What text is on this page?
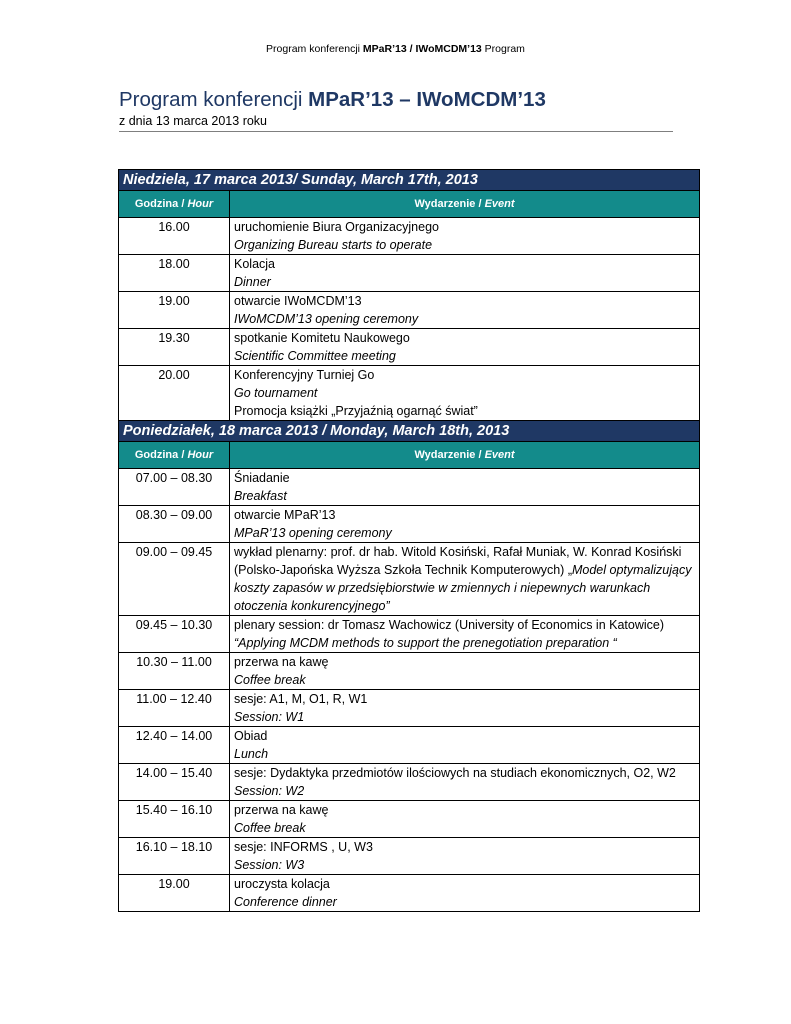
Program konferencji MPaR’13 / IWoMCDM’13 Program
Program konferencji MPaR’13 – IWoMCDM’13
z dnia 13 marca 2013 roku
Niedziela, 17 marca 2013/ Sunday, March 17th, 2013	
Godzina / Hour	Wydarzenie / Event
16.00	uruchomienie Biura Organizacyjnego
Organizing Bureau starts to operate

18.00	Kolacja
Dinner

19.00	otwarcie IWoMCDM’13
IWoMCDM’13 opening ceremony

19.30	spotkanie Komitetu Naukowego
Scientific Committee meeting

20.00	Konferencyjny Turniej Go
Go tournament
Promocja książki „Przyjaźnią ogarnąć świat”

Poniedziałek, 18 marca 2013 / Monday, March 18th, 2013	
Godzina / Hour	Wydarzenie / Event
07.00 – 08.30	Śniadanie
Breakfast

08.30 – 09.00	otwarcie MPaR’13
MPaR’13 opening ceremony

09.00 – 09.45	wykład plenarny: prof. dr hab. Witold Kosiński, Rafał Muniak, W. Konrad Kosiński (Polsko-Japońska Wyższa Szkoła Technik Komputerowych) „Model optymalizujący koszty zapasów w przedsiębiorstwie w zmiennych i niepewnych warunkach otoczenia konkurencyjnego”
09.45 – 10.30	plenary session: dr Tomasz Wachowicz (University of Economics in Katowice)
“Applying MCDM methods to support the prenegotiation preparation “

10.30 – 11.00	przerwa na kawę
Coffee break

11.00 – 12.40	sesje: A1, M, O1, R, W1
Session: W1

12.40 – 14.00	Obiad
Lunch

14.00 – 15.40	sesje: Dydaktyka przedmiotów ilościowych na studiach ekonomicznych, O2, W2
Session: W2

15.40 – 16.10	przerwa na kawę
Coffee break

16.10 – 18.10	sesje: INFORMS , U, W3
Session: W3

19.00	uroczysta kolacja
Conference dinner
